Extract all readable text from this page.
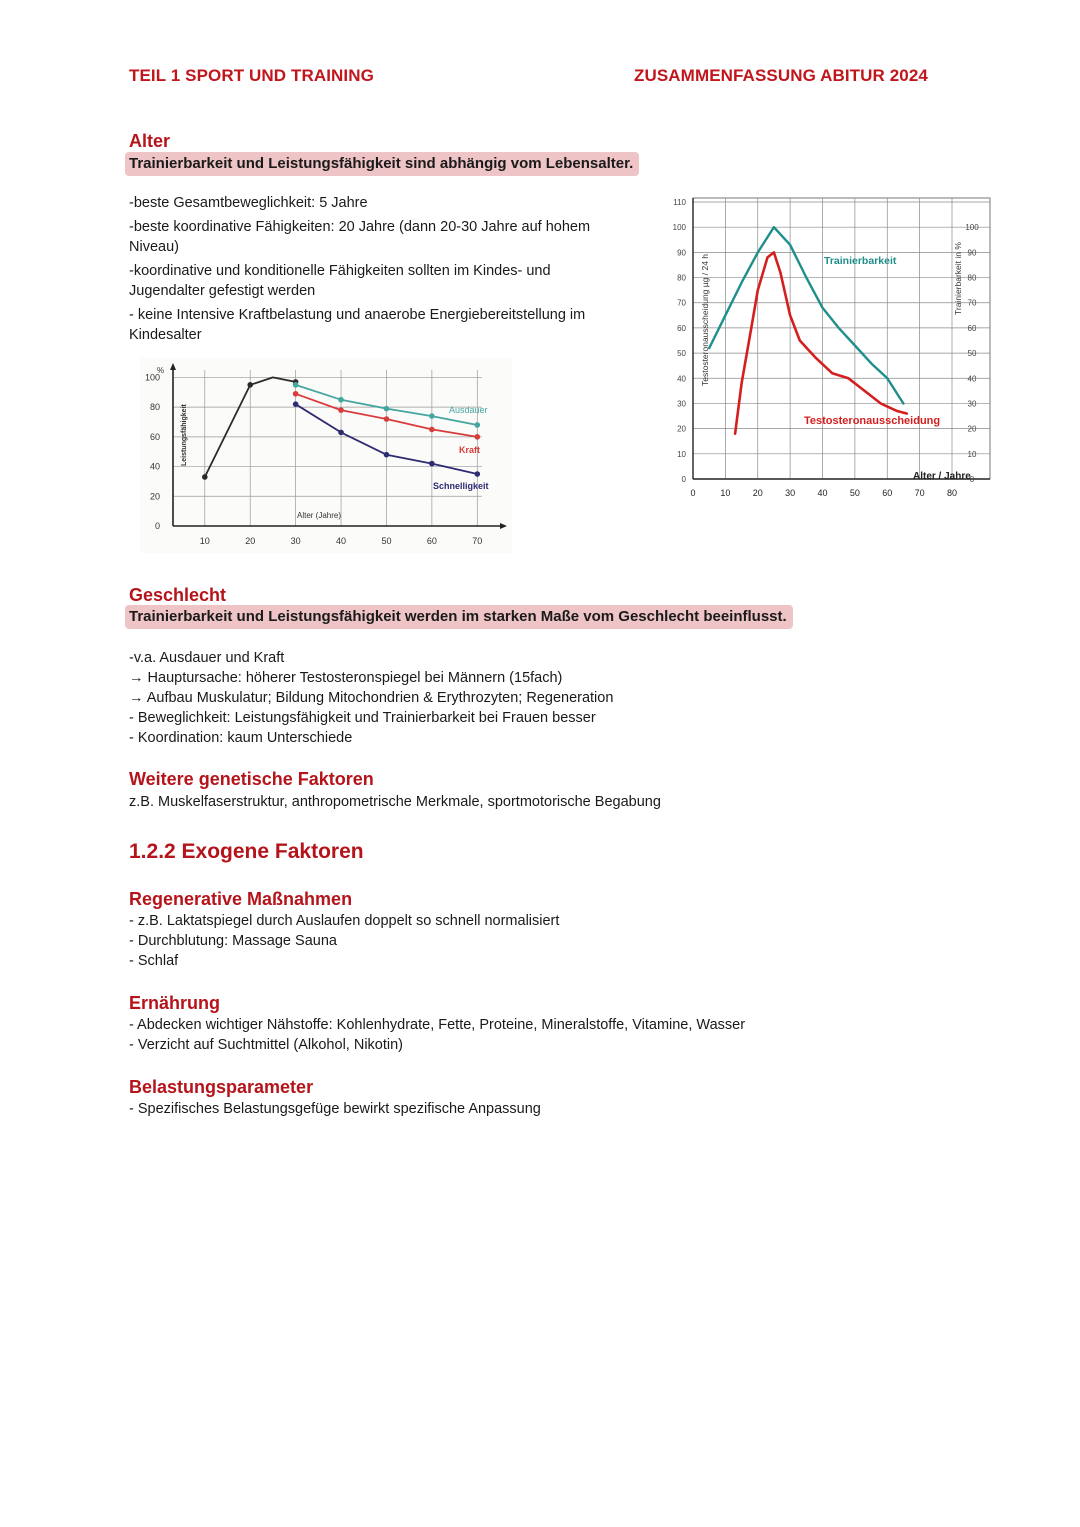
TEIL 1 SPORT UND TRAINING	ZUSAMMENFASSUNG ABITUR 2024
Alter
Trainierbarkeit und Leistungsfähigkeit sind abhängig vom Lebensalter.

-beste Gesamtbeweglichkeit: 5 Jahre

-beste koordinative Fähigkeiten: 20 Jahre (dann 20-30 Jahre auf hohem

Niveau)

-koordinative und konditionelle Fähigkeiten sollten im Kindes- und

Jugendalter gefestigt werden

- keine Intensive Kraftbelastung und anaerobe Energiebereitstellung im

Kindesalter

10	20	30	40	50	60	70
0
20
40
60
80
100
%
Leistungsfähigkeit
Alter (Jahre)
Ausdauer
Kraft
Schnelligkeit
0	10 20 30 40 50 60 70 80
0
10
20
30
40
50
60
70
80
90
100
110
0
10
20
30
40
50
60
70
80
90
100
Testosteronausscheidung µg / 24 h	Trainierbarkeit in %
Alter / Jahre
Trainierbarkeit
Testosteronausscheidung
Geschlecht
Trainierbarkeit und Leistungsfähigkeit werden im starken Maße vom Geschlecht beeinflusst.

-v.a. Ausdauer und Kraft

→ Hauptursache: höherer Testosteronspiegel bei Männern (15fach)

→ Aufbau Muskulatur; Bildung Mitochondrien & Erythrozyten; Regeneration

- Beweglichkeit: Leistungsfähigkeit und Trainierbarkeit bei Frauen besser

- Koordination: kaum Unterschiede

Weitere genetische Faktoren

z.B. Muskelfaserstruktur, anthropometrische Merkmale, sportmotorische Begabung

1.2.2 Exogene Faktoren
Regenerative Maßnahmen

- z.B. Laktatspiegel durch Auslaufen doppelt so schnell normalisiert

- Durchblutung: Massage Sauna

- Schlaf

Ernährung

- Abdecken wichtiger Nähstoffe: Kohlenhydrate, Fette, Proteine, Mineralstoffe, Vitamine, Wasser

- Verzicht auf Suchtmittel (Alkohol, Nikotin)

Belastungsparameter

- Spezifisches Belastungsgefüge bewirkt spezifische Anpassung
